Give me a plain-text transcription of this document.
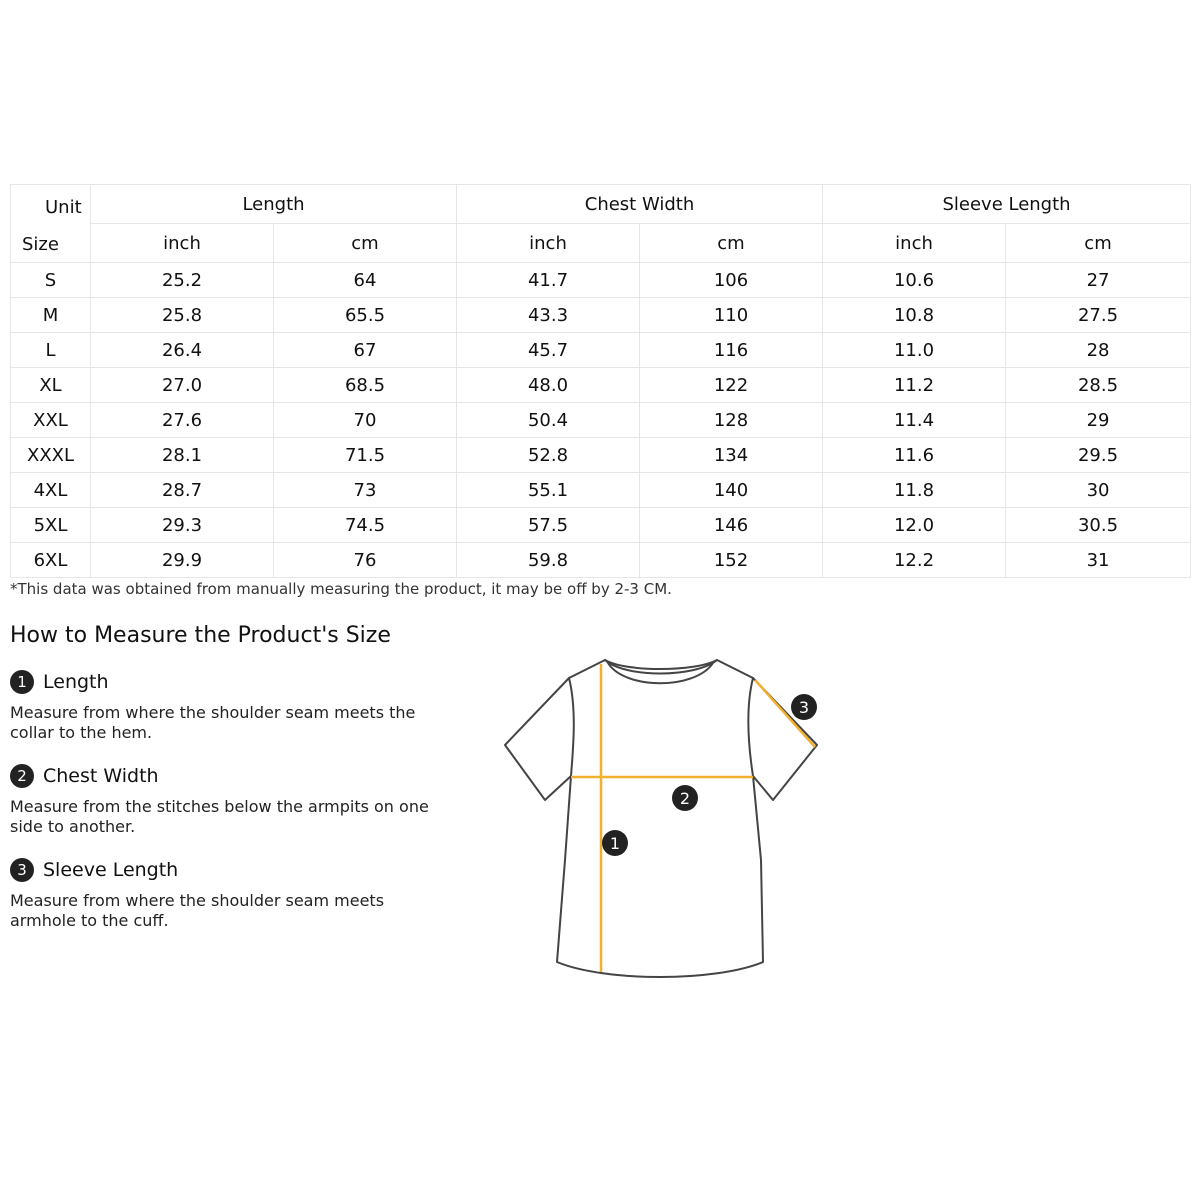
Unit
Size	Length		Chest Width		Sleeve Length	
	inch	cm	inch	cm	inch	cm
S	25.2	64	41.7	106	10.6	27
M	25.8	65.5	43.3	110	10.8	27.5
L	26.4	67	45.7	116	11.0	28
XL	27.0	68.5	48.0	122	11.2	28.5
XXL	27.6	70	50.4	128	11.4	29
XXXL	28.1	71.5	52.8	134	11.6	29.5
4XL	28.7	73	55.1	140	11.8	30
5XL	29.3	74.5	57.5	146	12.0	30.5
6XL	29.9	76	59.8	152	12.2	31
*This data was obtained from manually measuring the product, it may be off by 2-3 CM.
How to Measure the Product's Size
1 Length
Measure from where the shoulder seam meets the collar to the hem.
2 Chest Width
Measure from the stitches below the armpits on one side to another.
3 Sleeve Length
Measure from where the shoulder seam meets armhole to the cuff.
1
2
3
